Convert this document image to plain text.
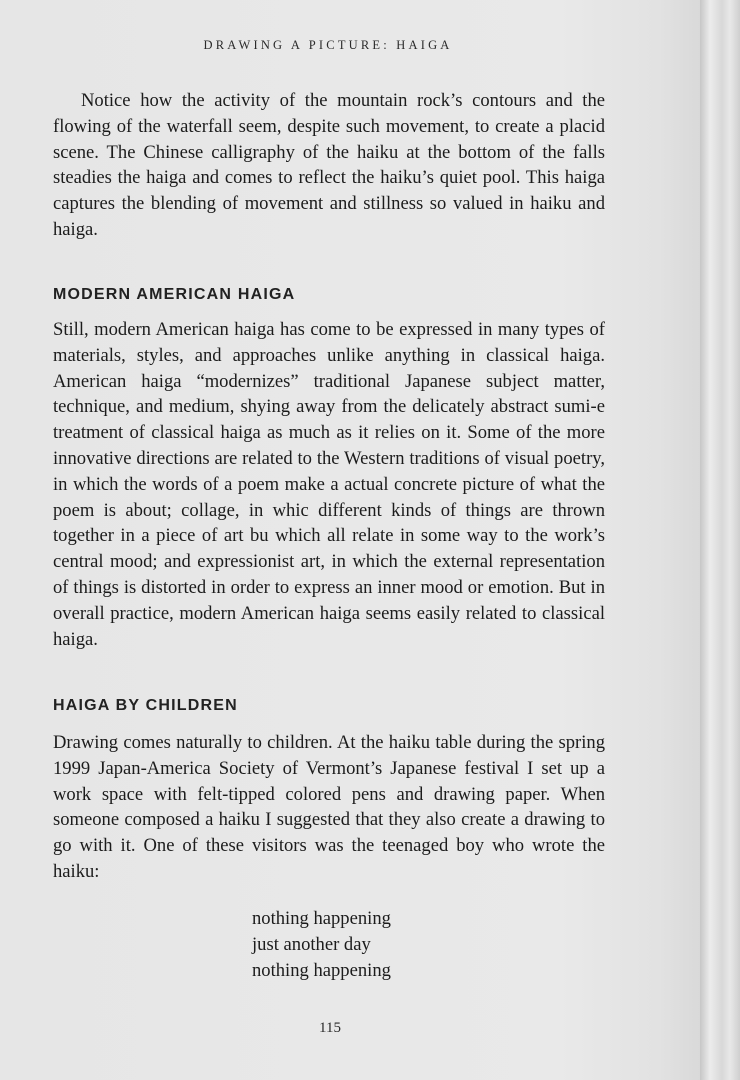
DRAWING A PICTURE: HAIGA

Notice how the activity of the mountain rock’s contours and the flowing of the waterfall seem, despite such movement, to create a placid scene. The Chinese calligraphy of the haiku at the bottom of the falls steadies the haiga and comes to reflect the haiku’s quiet pool. This haiga captures the blending of movement and stillness so valued in haiku and haiga.

MODERN AMERICAN HAIGA

Still, modern American haiga has come to be expressed in many types of materials, styles, and approaches unlike anything in classical haiga. American haiga “modernizes” traditional Japanese subject matter, technique, and medium, shying away from the delicately abstract sumi-e treatment of classical haiga as much as it relies on it. Some of the more innovative directions are related to the Western traditions of visual poetry, in which the words of a poem make a actual concrete picture of what the poem is about; collage, in whic different kinds of things are thrown together in a piece of art bu which all relate in some way to the work’s central mood; and expressionist art, in which the external representation of things is distorted in order to express an inner mood or emotion. But in overall practice, modern American haiga seems easily related to classical haiga.

HAIGA BY CHILDREN

Drawing comes naturally to children. At the haiku table during the spring 1999 Japan-America Society of Vermont’s Japanese festival I set up a work space with felt-tipped colored pens and drawing paper. When someone composed a haiku I suggested that they also create a drawing to go with it. One of these visitors was the teenaged boy who wrote the haiku:

nothing happening
just another day
nothing happening
115
